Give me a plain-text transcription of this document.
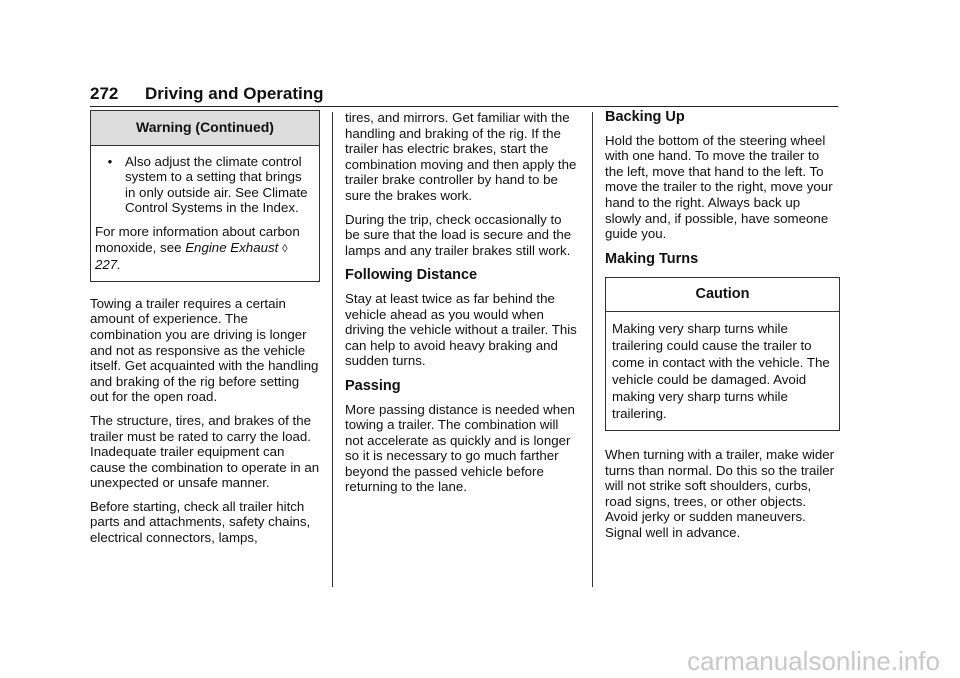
272 Driving and Operating
Warning (Continued)
• Also adjust the climate control system to a setting that brings in only outside air. See Climate Control Systems in the Index.

For more information about carbon monoxide, see Engine Exhaust ◊ 227.

Towing a trailer requires a certain amount of experience. The combination you are driving is longer and not as responsive as the vehicle itself. Get acquainted with the handling and braking of the rig before setting out for the open road.

The structure, tires, and brakes of the trailer must be rated to carry the load. Inadequate trailer equipment can cause the combination to operate in an unexpected or unsafe manner.

Before starting, check all trailer hitch parts and attachments, safety chains, electrical connectors, lamps,

tires, and mirrors. Get familiar with the handling and braking of the rig. If the trailer has electric brakes, start the combination moving and then apply the trailer brake controller by hand to be sure the brakes work.

During the trip, check occasionally to be sure that the load is secure and the lamps and any trailer brakes still work.

Following Distance

Stay at least twice as far behind the vehicle ahead as you would when driving the vehicle without a trailer. This can help to avoid heavy braking and sudden turns.

Passing

More passing distance is needed when towing a trailer. The combination will not accelerate as quickly and is longer so it is necessary to go much farther beyond the passed vehicle before returning to the lane.

Backing Up

Hold the bottom of the steering wheel with one hand. To move the trailer to the left, move that hand to the left. To move the trailer to the right, move your hand to the right. Always back up slowly and, if possible, have someone guide you.

Making Turns
Caution
Making very sharp turns while trailering could cause the trailer to come in contact with the vehicle. The vehicle could be damaged. Avoid making very sharp turns while trailering.

When turning with a trailer, make wider turns than normal. Do this so the trailer will not strike soft shoulders, curbs, road signs, trees, or other objects. Avoid jerky or sudden maneuvers. Signal well in advance.

carmanualsonline.info
